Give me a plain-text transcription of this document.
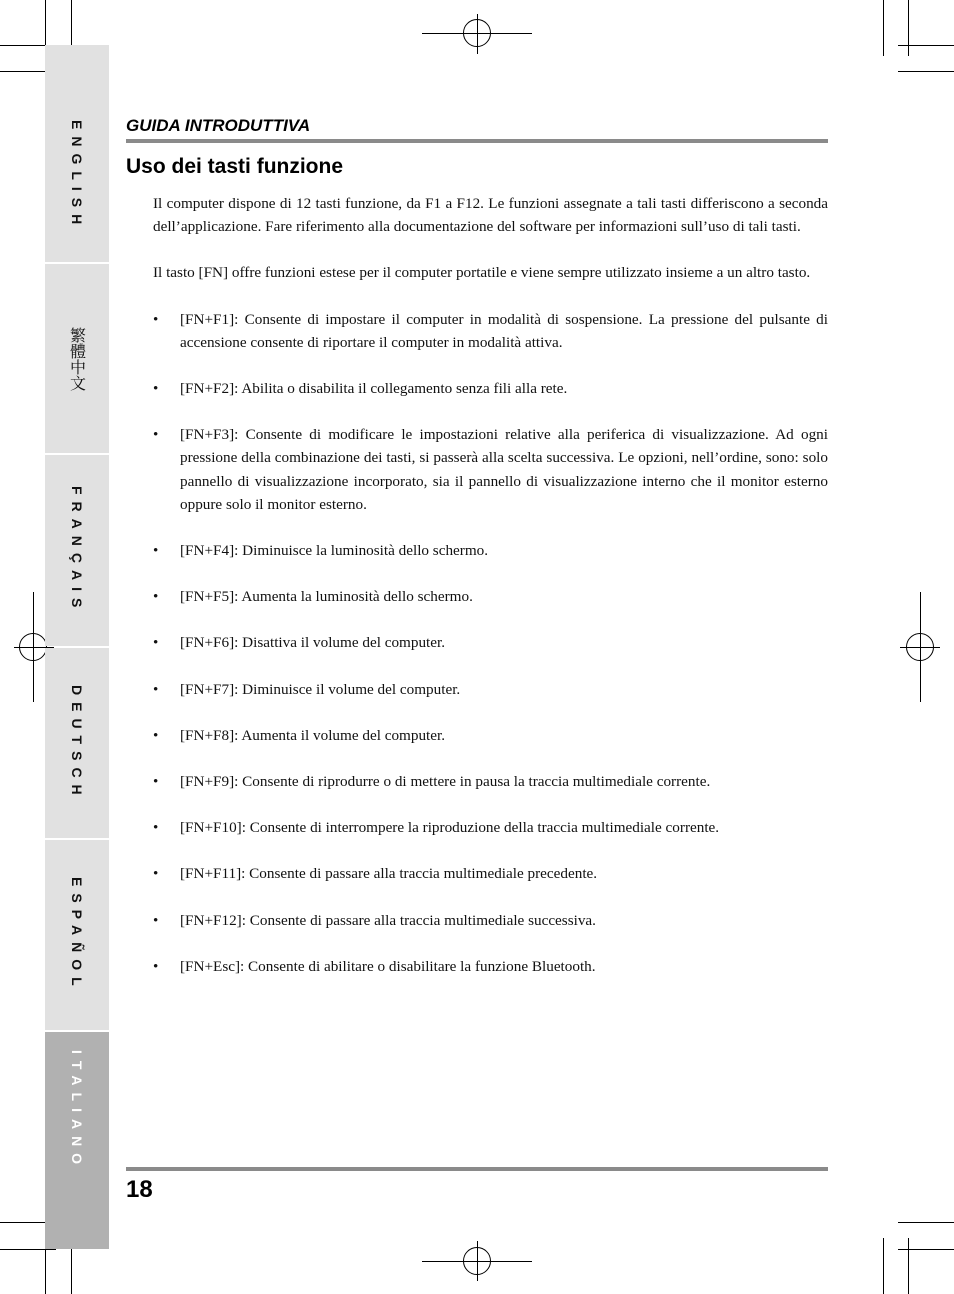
ENGLISH
繁體中文
FRANÇAIS
DEUTSCH
ESPAÑOL
ITALIANO
GUIDA INTRODUTTIVA
Uso dei tasti funzione

Il computer dispone di 12 tasti funzione, da F1 a F12. Le funzioni assegnate a tali tasti differiscono a seconda dell’applicazione. Fare riferimento alla documentazione del software per informazioni sull’uso di tali tasti.

Il tasto [FN] offre funzioni estese per il computer portatile e viene sempre utilizzato insieme a un altro tasto.

• [FN+F1]: Consente di impostare il computer in modalità di sospensione. La pressione del pulsante di accensione consente di riportare il computer in modalità attiva.
• [FN+F2]: Abilita o disabilita il collegamento senza fili alla rete.
• [FN+F3]: Consente di modificare le impostazioni relative alla periferica di visualizzazione. Ad ogni pressione della combinazione dei tasti, si passerà alla scelta successiva. Le opzioni, nell’ordine, sono: solo pannello di visualizzazione incorporato, sia il pannello di visualizzazione interno che il monitor esterno oppure solo il monitor esterno.
• [FN+F4]: Diminuisce la luminosità dello schermo.
• [FN+F5]: Aumenta la luminosità dello schermo.
• [FN+F6]: Disattiva il volume del computer.
• [FN+F7]: Diminuisce il volume del computer.
• [FN+F8]: Aumenta il volume del computer.
• [FN+F9]: Consente di riprodurre o di mettere in pausa la traccia multimediale corrente.
• [FN+F10]: Consente di interrompere la riproduzione della traccia multimediale corrente.
• [FN+F11]: Consente di passare alla traccia multimediale precedente.
• [FN+F12]: Consente di passare alla traccia multimediale successiva.
• [FN+Esc]: Consente di abilitare o disabilitare la funzione Bluetooth.
18
